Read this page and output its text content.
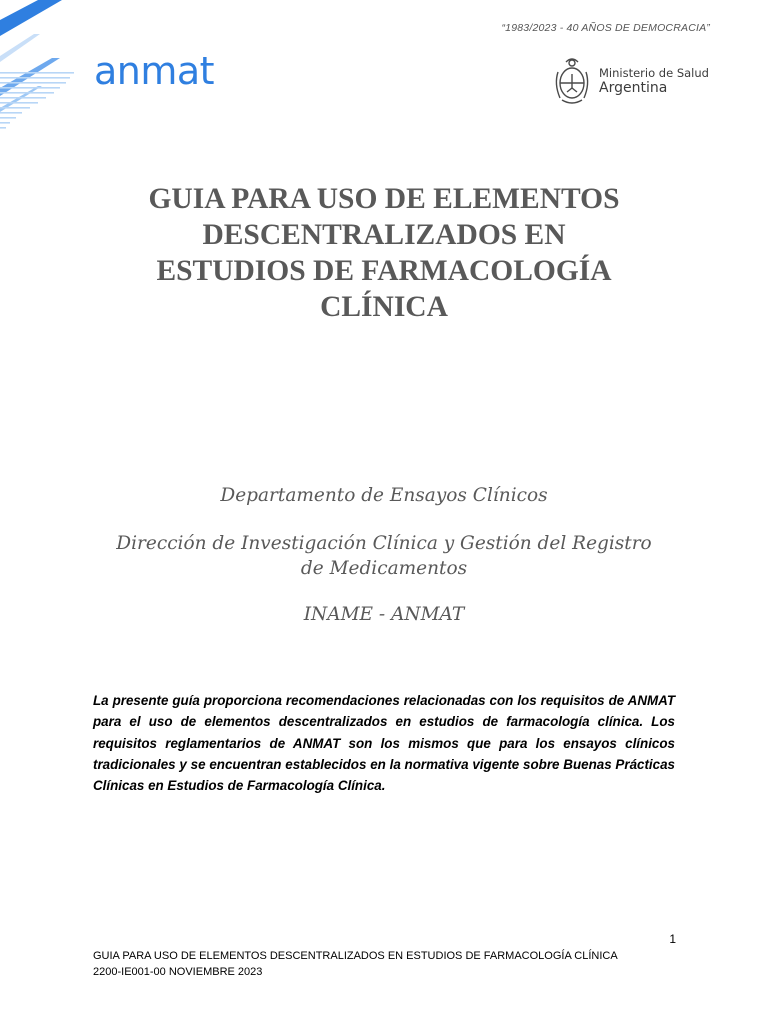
anmat
“1983/2023 - 40 AÑOS DE DEMOCRACIA”
Ministerio de Salud
Argentina
GUIA PARA USO DE ELEMENTOS
DESCENTRALIZADOS EN
ESTUDIOS DE FARMACOLOGÍA
CLÍNICA

Departamento de Ensayos Clínicos

Dirección de Investigación Clínica y Gestión del Registro
de Medicamentos

INAME - ANMAT

La presente guía proporciona recomendaciones relacionadas con los requisitos de ANMAT para el uso de elementos descentralizados en estudios de farmacología clínica. Los requisitos reglamentarios de ANMAT son los mismos que para los ensayos clínicos tradicionales y se encuentran establecidos en la normativa vigente sobre Buenas Prácticas Clínicas en Estudios de Farmacología Clínica.

1
GUIA PARA USO DE ELEMENTOS DESCENTRALIZADOS EN ESTUDIOS DE FARMACOLOGÍA CLÍNICA
2200-IE001-00 NOVIEMBRE 2023
